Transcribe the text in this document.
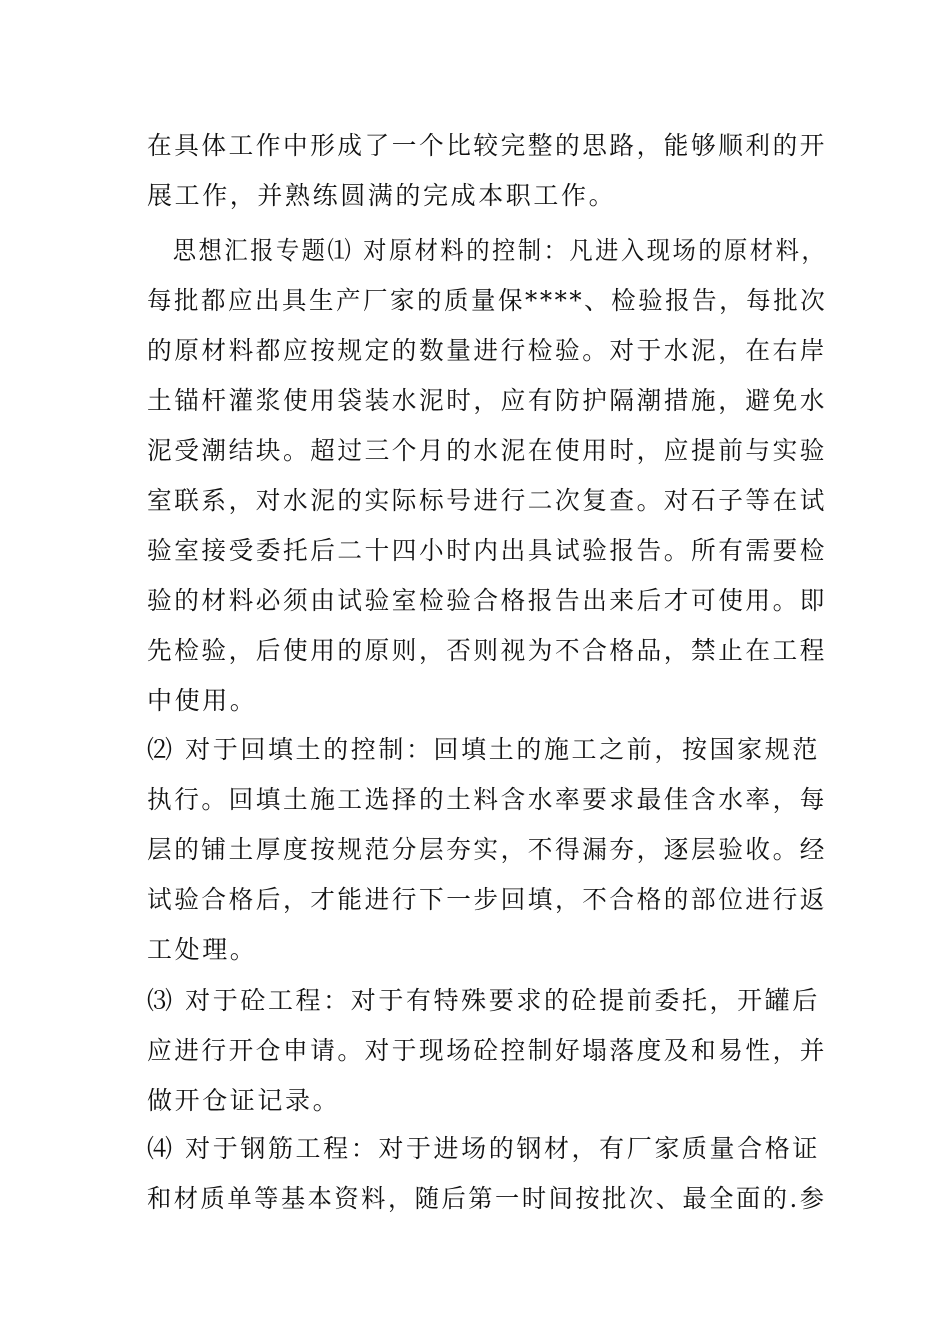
在具体工作中形成了一个比较完整的思路，能够顺利的开
展工作，并熟练圆满的完成本职工作。
　思想汇报专题⑴ 对原材料的控制：凡进入现场的原材料，
每批都应出具生产厂家的质量保****、检验报告，每批次
的原材料都应按规定的数量进行检验。对于水泥，在右岸
土锚杆灌浆使用袋装水泥时，应有防护隔潮措施，避免水
泥受潮结块。超过三个月的水泥在使用时，应提前与实验
室联系，对水泥的实际标号进行二次复查。对石子等在试
验室接受委托后二十四小时内出具试验报告。所有需要检
验的材料必须由试验室检验合格报告出来后才可使用。即
先检验，后使用的原则，否则视为不合格品，禁止在工程
中使用。
⑵ 对于回填土的控制：回填土的施工之前，按国家规范
执行。回填土施工选择的土料含水率要求最佳含水率，每
层的铺土厚度按规范分层夯实，不得漏夯，逐层验收。经
试验合格后，才能进行下一步回填，不合格的部位进行返
工处理。
⑶ 对于砼工程：对于有特殊要求的砼提前委托，开罐后
应进行开仓申请。对于现场砼控制好塌落度及和易性，并
做开仓证记录。
⑷ 对于钢筋工程：对于进场的钢材，有厂家质量合格证
和材质单等基本资料，随后第一时间按批次、最全面的.参
